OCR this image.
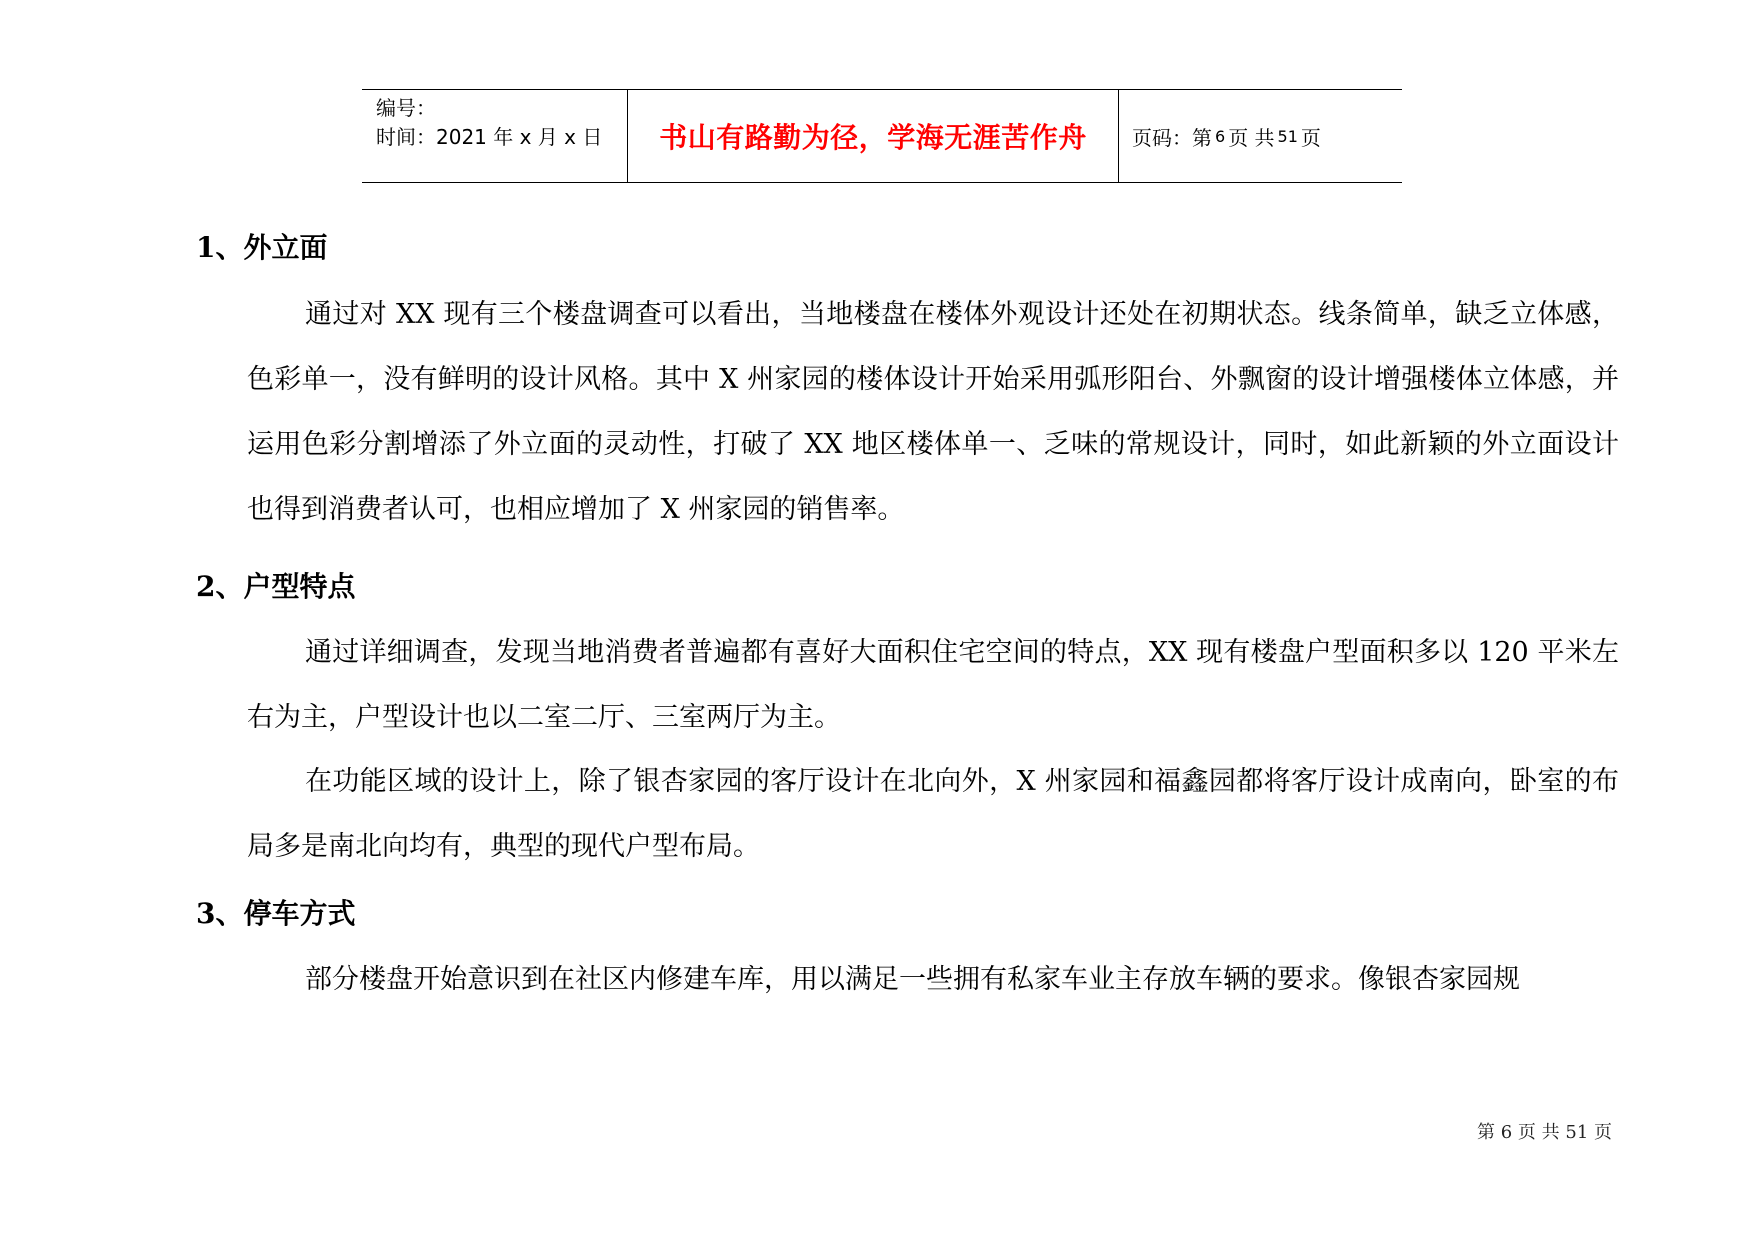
编号：
时间：2021 年 x 月 x 日	书山有路勤为径，学海无涯苦作舟 页码：第 6 页 共 51 页
1、外立面
通过对 XX 现有三个楼盘调查可以看出，当地楼盘在楼体外观设计还处在初期状态。线条简单，缺乏立体感，色彩单一，没有鲜明的设计风格。其中 X 州家园的楼体设计开始采用弧形阳台、外飘窗的设计增强楼体立体感，并运用色彩分割增添了外立面的灵动性，打破了 XX 地区楼体单一、乏味的常规设计，同时，如此新颖的外立面设计也得到消费者认可，也相应增加了 X 州家园的销售率。
2、户型特点
通过详细调查，发现当地消费者普遍都有喜好大面积住宅空间的特点，XX 现有楼盘户型面积多以 120 平米左右为主，户型设计也以二室二厅、三室两厅为主。
在功能区域的设计上，除了银杏家园的客厅设计在北向外，X 州家园和福鑫园都将客厅设计成南向，卧室的布局多是南北向均有，典型的现代户型布局。
3、停车方式
部分楼盘开始意识到在社区内修建车库，用以满足一些拥有私家车业主存放车辆的要求。像银杏家园规
第 6 页 共 51 页
